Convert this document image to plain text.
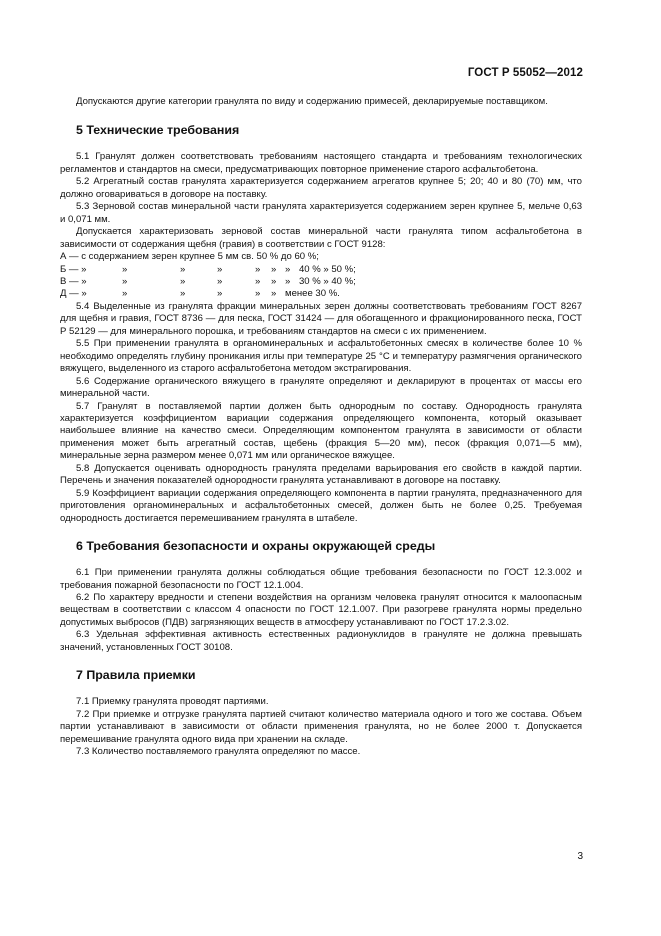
ГОСТ Р 55052—2012

Допускаются другие категории гранулята по виду и содержанию примесей, декларируемые поставщиком.

5 Технические требования

5.1 Гранулят должен соответствовать требованиям настоящего стандарта и требованиям технологических регламентов и стандартов на смеси, предусматривающих повторное применение старого асфальтобетона.

5.2 Агрегатный состав гранулята характеризуется содержанием агрегатов крупнее 5; 20; 40 и 80 (70) мм, что должно оговариваться в договоре на поставку.

5.3 Зерновой состав минеральной части гранулята характеризуется содержанием зерен крупнее 5, мельче 0,63 и 0,071 мм.

Допускается характеризовать зерновой состав минеральной части гранулята типом асфальтобетона в зависимости от содержания щебня (гравия) в соответствии с ГОСТ 9128:

А — с содержанием зерен крупнее 5 мм св. 50 % до 60 %;
Б — »	»	»	»	»	» » 40 % » 50 %;
В — »	»	»	»	»	» » 30 % » 40 %;
Д — »	»	»	»	»	» менее 30 %.

5.4 Выделенные из гранулята фракции минеральных зерен должны соответствовать требованиям ГОСТ 8267 для щебня и гравия, ГОСТ 8736 — для песка, ГОСТ 31424 — для обогащенного и фракционированного песка, ГОСТ Р 52129 — для минерального порошка, и требованиям стандартов на смеси с их применением.

5.5 При применении гранулята в органоминеральных и асфальтобетонных смесях в количестве более 10 % необходимо определять глубину проникания иглы при температуре 25 °С и температуру размягчения органического вяжущего, выделенного из старого асфальтобетона методом экстрагирования.

5.6 Содержание органического вяжущего в грануляте определяют и декларируют в процентах от массы его минеральной части.

5.7 Гранулят в поставляемой партии должен быть однородным по составу. Однородность гранулята характеризуется коэффициентом вариации содержания определяющего компонента, который оказывает наибольшее влияние на качество смеси. Определяющим компонентом гранулята в зависимости от области применения может быть агрегатный состав, щебень (фракция 5—20 мм), песок (фракция 0,071—5 мм), минеральные зерна размером менее 0,071 мм или органическое вяжущее.

5.8 Допускается оценивать однородность гранулята пределами варьирования его свойств в каждой партии. Перечень и значения показателей однородности гранулята устанавливают в договоре на поставку.

5.9 Коэффициент вариации содержания определяющего компонента в партии гранулята, предназначенного для приготовления органоминеральных и асфальтобетонных смесей, должен быть не более 0,25. Требуемая однородность достигается перемешиванием гранулята в штабеле.

6 Требования безопасности и охраны окружающей среды

6.1 При применении гранулята должны соблюдаться общие требования безопасности по ГОСТ 12.3.002 и требования пожарной безопасности по ГОСТ 12.1.004.

6.2 По характеру вредности и степени воздействия на организм человека гранулят относится к малоопасным веществам в соответствии с классом 4 опасности по ГОСТ 12.1.007. При разогреве гранулята нормы предельно допустимых выбросов (ПДВ) загрязняющих веществ в атмосферу устанавливают по ГОСТ 17.2.3.02.

6.3 Удельная эффективная активность естественных радионуклидов в грануляте не должна превышать значений, установленных ГОСТ 30108.

7 Правила приемки

7.1 Приемку гранулята проводят партиями.

7.2 При приемке и отгрузке гранулята партией считают количество материала одного и того же состава. Объем партии устанавливают в зависимости от области применения гранулята, но не более 2000 т. Допускается перемешивание гранулята одного вида при хранении на складе.

7.3 Количество поставляемого гранулята определяют по массе.

3
